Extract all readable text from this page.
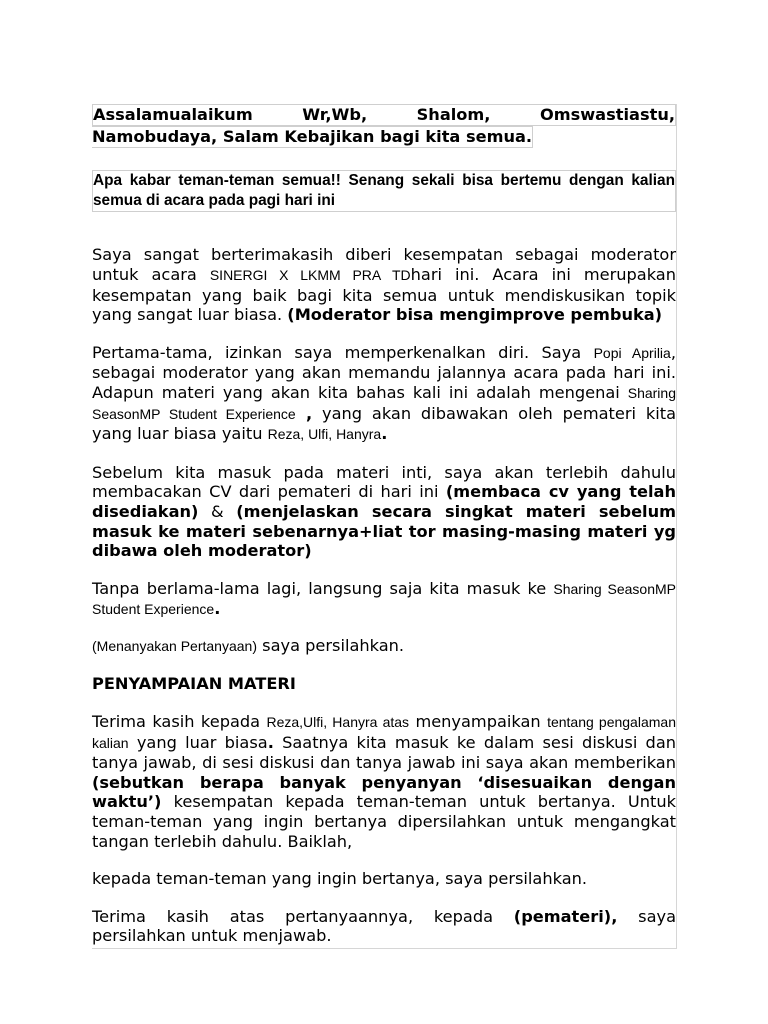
Assalamualaikum Wr,Wb, Shalom, Omswastiastu,
Namobudaya, Salam Kebajikan bagi kita semua.

Apa kabar teman-teman semua!! Senang sekali bisa bertemu dengan kalian semua di acara pada pagi hari ini

Saya sangat berterimakasih diberi kesempatan sebagai moderator untuk acara SINERGI X LKMM PRA TDhari ini. Acara ini merupakan kesempatan yang baik bagi kita semua untuk mendiskusikan topik yang sangat luar biasa. (Moderator bisa mengimprove pembuka)

Pertama-tama, izinkan saya memperkenalkan diri. Saya Popi Aprilia, sebagai moderator yang akan memandu jalannya acara pada hari ini. Adapun materi yang akan kita bahas kali ini adalah mengenai Sharing SeasonMP Student Experience , yang akan dibawakan oleh pemateri kita yang luar biasa yaitu Reza, Ulfi, Hanyra.

Sebelum kita masuk pada materi inti, saya akan terlebih dahulu membacakan CV dari pemateri di hari ini (membaca cv yang telah disediakan) & (menjelaskan secara singkat materi sebelum masuk ke materi sebenarnya+liat tor masing-masing materi yg dibawa oleh moderator)

Tanpa berlama-lama lagi, langsung saja kita masuk ke Sharing SeasonMP Student Experience.

(Menanyakan Pertanyaan) saya persilahkan.

PENYAMPAIAN MATERI

Terima kasih kepada Reza,Ulfi, Hanyra atas menyampaikan tentang pengalaman kalian yang luar biasa. Saatnya kita masuk ke dalam sesi diskusi dan tanya jawab, di sesi diskusi dan tanya jawab ini saya akan memberikan (sebutkan berapa banyak penyanyan ‘disesuaikan dengan waktu’) kesempatan kepada teman-teman untuk bertanya. Untuk teman-teman yang ingin bertanya dipersilahkan untuk mengangkat tangan terlebih dahulu. Baiklah,

kepada teman-teman yang ingin bertanya, saya persilahkan.

Terima kasih atas pertanyaannya, kepada (pemateri), saya persilahkan untuk menjawab.
